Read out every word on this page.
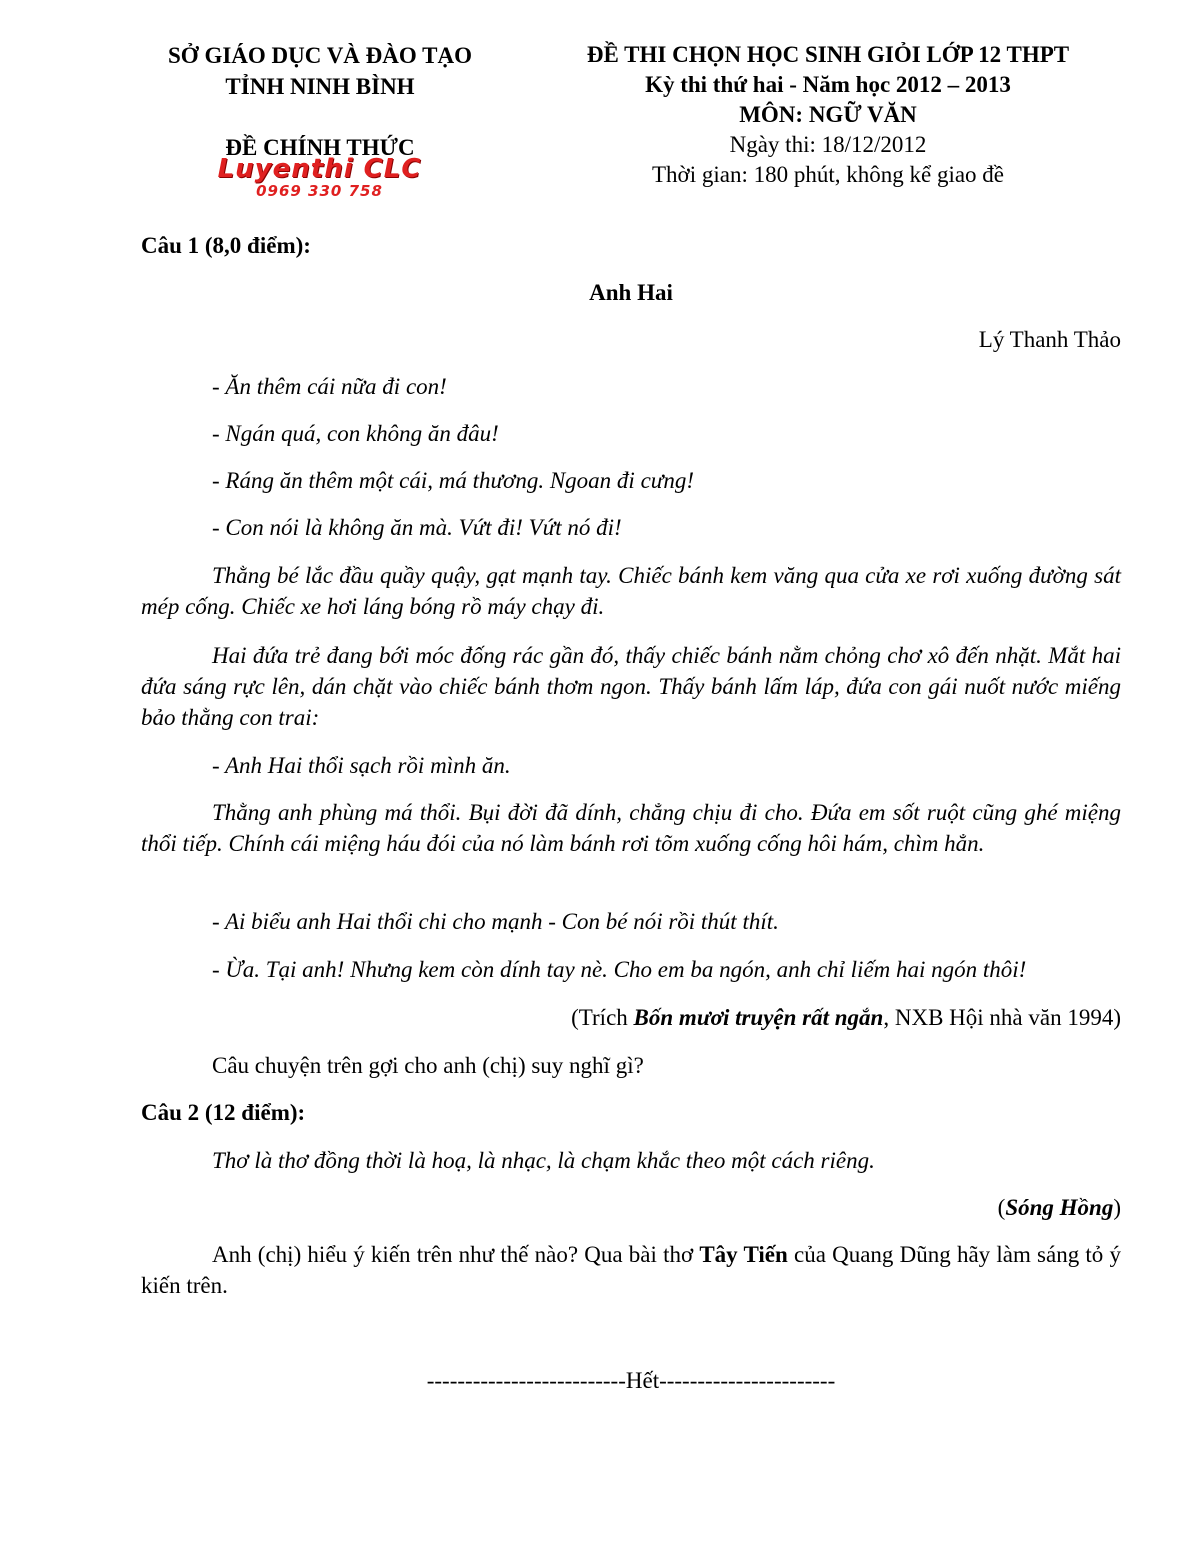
SỞ GIÁO DỤC VÀ ĐÀO TẠO
TỈNH NINH BÌNH
ĐỀ CHÍNH THỨC
Luyenthi CLC
0969 330 758
ĐỀ THI CHỌN HỌC SINH GIỎI LỚP 12 THPT
Kỳ thi thứ hai - Năm học 2012 – 2013
MÔN: NGỮ VĂN
Ngày thi: 18/12/2012
Thời gian: 180 phút, không kể giao đề
Câu 1 (8,0 điểm):
Anh Hai
Lý Thanh Thảo
- Ăn thêm cái nữa đi con!
- Ngán quá, con không ăn đâu!
- Ráng ăn thêm một cái, má thương. Ngoan đi cưng!
- Con nói là không ăn mà. Vứt đi! Vứt nó đi!
Thằng bé lắc đầu quầy quậy, gạt mạnh tay. Chiếc bánh kem văng qua cửa xe rơi xuống đường sát mép cống. Chiếc xe hơi láng bóng rồ máy chạy đi.
Hai đứa trẻ đang bới móc đống rác gần đó, thấy chiếc bánh nằm chỏng chơ xô đến nhặt. Mắt hai đứa sáng rực lên, dán chặt vào chiếc bánh thơm ngon. Thấy bánh lấm láp, đứa con gái nuốt nước miếng bảo thằng con trai:
- Anh Hai thổi sạch rồi mình ăn.
Thằng anh phùng má thổi. Bụi đời đã dính, chẳng chịu đi cho. Đứa em sốt ruột cũng ghé miệng thổi tiếp. Chính cái miệng háu đói của nó làm bánh rơi tõm xuống cống hôi hám, chìm hẳn.
- Ai biểu anh Hai thổi chi cho mạnh - Con bé nói rồi thút thít.
- Ừa. Tại anh! Nhưng kem còn dính tay nè. Cho em ba ngón, anh chỉ liếm hai ngón thôi!
(Trích Bốn mươi truyện rất ngắn, NXB Hội nhà văn 1994)
Câu chuyện trên gợi cho anh (chị) suy nghĩ gì?
Câu 2 (12 điểm):
Thơ là thơ đồng thời là hoạ, là nhạc, là chạm khắc theo một cách riêng.
(Sóng Hồng)
Anh (chị) hiểu ý kiến trên như thế nào? Qua bài thơ Tây Tiến của Quang Dũng hãy làm sáng tỏ ý kiến trên.
--------------------------Hết-----------------------
